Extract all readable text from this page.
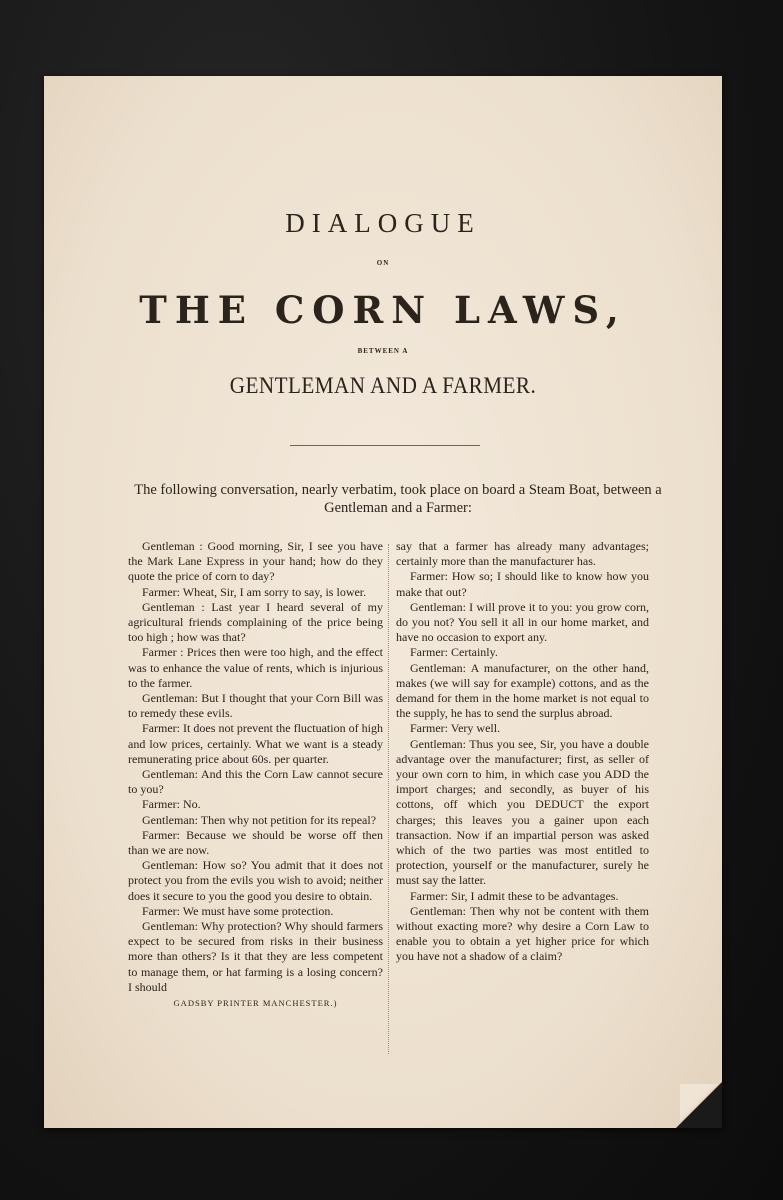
DIALOGUE
ON
THE CORN LAWS,
BETWEEN A
GENTLEMAN AND A FARMER.
The following conversation, nearly verbatim, took place on board a Steam Boat, between a Gentleman and a Farmer:

Gentleman : Good morning, Sir, I see you have the Mark Lane Express in your hand; how do they quote the price of corn to day?

Farmer: Wheat, Sir, I am sorry to say, is lower.

Gentleman : Last year I heard several of my agricultural friends complaining of the price being too high ; how was that?

Farmer : Prices then were too high, and the effect was to enhance the value of rents, which is injurious to the farmer.

Gentleman: But I thought that your Corn Bill was to remedy these evils.

Farmer: It does not prevent the fluctuation of high and low prices, certainly. What we want is a steady remunerating price about 60s. per quarter.

Gentleman: And this the Corn Law cannot secure to you?

Farmer: No.

Gentleman: Then why not petition for its repeal?

Farmer: Because we should be worse off then than we are now.

Gentleman: How so? You admit that it does not protect you from the evils you wish to avoid; neither does it secure to you the good you desire to obtain.

Farmer: We must have some protection.

Gentleman: Why protection? Why should farmers expect to be secured from risks in their business more than others? Is it that they are less competent to manage them, or hat farming is a losing concern? I should

GADSBY PRINTER MANCHESTER.)

say that a farmer has already many advantages; certainly more than the manufacturer has.

Farmer: How so; I should like to know how you make that out?

Gentleman: I will prove it to you: you grow corn, do you not? You sell it all in our home market, and have no occasion to export any.

Farmer: Certainly.

Gentleman: A manufacturer, on the other hand, makes (we will say for example) cottons, and as the demand for them in the home market is not equal to the supply, he has to send the surplus abroad.

Farmer: Very well.

Gentleman: Thus you see, Sir, you have a double advantage over the manufacturer; first, as seller of your own corn to him, in which case you ADD the import charges; and secondly, as buyer of his cottons, off which you DEDUCT the export charges; this leaves you a gainer upon each transaction. Now if an impartial person was asked which of the two parties was most entitled to protection, yourself or the manufacturer, surely he must say the latter.

Farmer: Sir, I admit these to be advantages.

Gentleman: Then why not be content with them without exacting more? why desire a Corn Law to enable you to obtain a yet higher price for which you have not a shadow of a claim?
